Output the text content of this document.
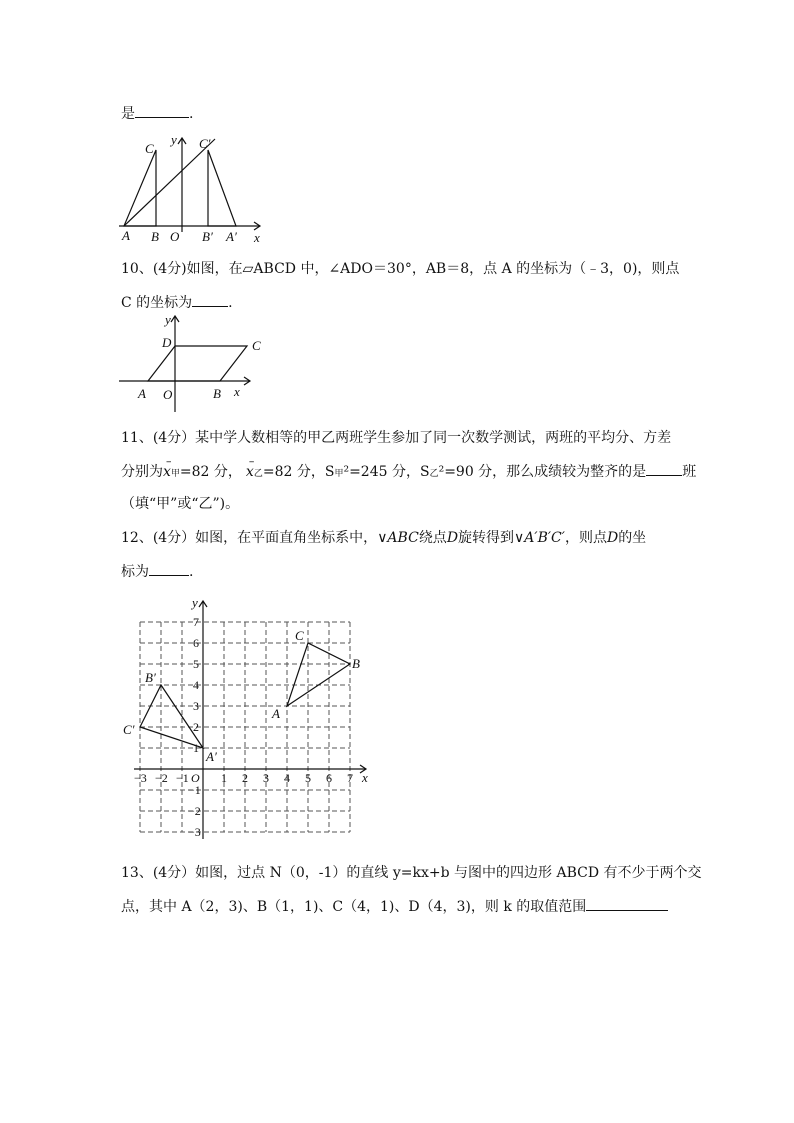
是	.
C
y C′
A B O B′ A′ x
10、(4分)如图，在▱ABCD 中，∠ADO＝30°，AB＝8，点 A 的坐标为（﹣3，0)，则点
C 的坐标为	.
y
D	C
A O	B x
11、(4分）某中学人数相等的甲乙两班学生参加了同一次数学测试，两班的平均分、方差
分别为
–
x甲=82 分，
–
x乙=82 分，S甲²=245 分，S乙²=90 分，那么成绩较为整齐的是	班
（填“甲”或“乙”)。
12、(4分）如图，在平面直角坐标系中，∨ABC绕点D旋转得到∨A′B′C′，则点D的坐
标为	.
−3 −2 −1 O 1 2 3 4 5 6 7
1
2
3
4
5
6
7
−1
−2
−3
x
y
A
B
C
A′
B′
C′
13、(4分）如图，过点 N（0，-1）的直线 y=kx+b 与图中的四边形 ABCD 有不少于两个交
点，其中 A（2，3)、B（1，1)、C（4，1)、D（4，3)，则 k 的取值范围
